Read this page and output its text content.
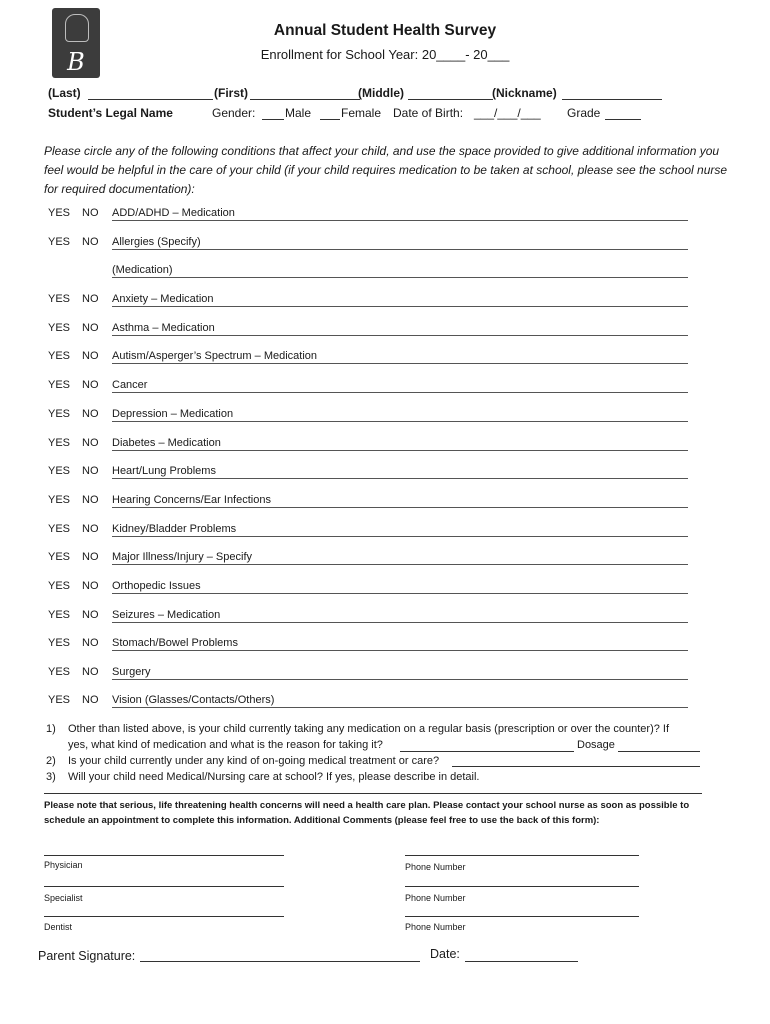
B
Annual Student Health Survey
Enrollment for School Year: 20____- 20___
(Last)	(First)	(Middle)	(Nickname)
Student’s Legal Name	Gender: Male Female Date of Birth: ___/___/___ Grade
Please circle any of the following conditions that affect your child, and use the space provided to give additional information you feel would be helpful in the care of your child (if your child requires medication to be taken at school, please see the school nurse for required documentation):
YES NO ADD/ADHD – Medication
YES NO Allergies (Specify)
(Medication)
YES NO Anxiety – Medication
YES NO Asthma – Medication
YES NO Autism/Asperger’s Spectrum – Medication
YES NO Cancer
YES NO Depression – Medication
YES NO Diabetes – Medication
YES NO Heart/Lung Problems
YES NO Hearing Concerns/Ear Infections
YES NO Kidney/Bladder Problems
YES NO Major Illness/Injury – Specify
YES NO Orthopedic Issues
YES NO Seizures – Medication
YES NO Stomach/Bowel Problems
YES NO Surgery
YES NO Vision (Glasses/Contacts/Others)
1) Other than listed above, is your child currently taking any medication on a regular basis (prescription or over the counter)? If
yes, what kind of medication and what is the reason for taking it?	Dosage
2) Is your child currently under any kind of on-going medical treatment or care?
3) Will your child need Medical/Nursing care at school? If yes, please describe in detail.
Please note that serious, life threatening health concerns will need a health care plan. Please contact your school nurse as soon as possible to schedule an appointment to complete this information. Additional Comments (please feel free to use the back of this form):
Physician	Phone Number
Specialist	Phone Number
Dentist	Phone Number
Parent Signature:	Date:
